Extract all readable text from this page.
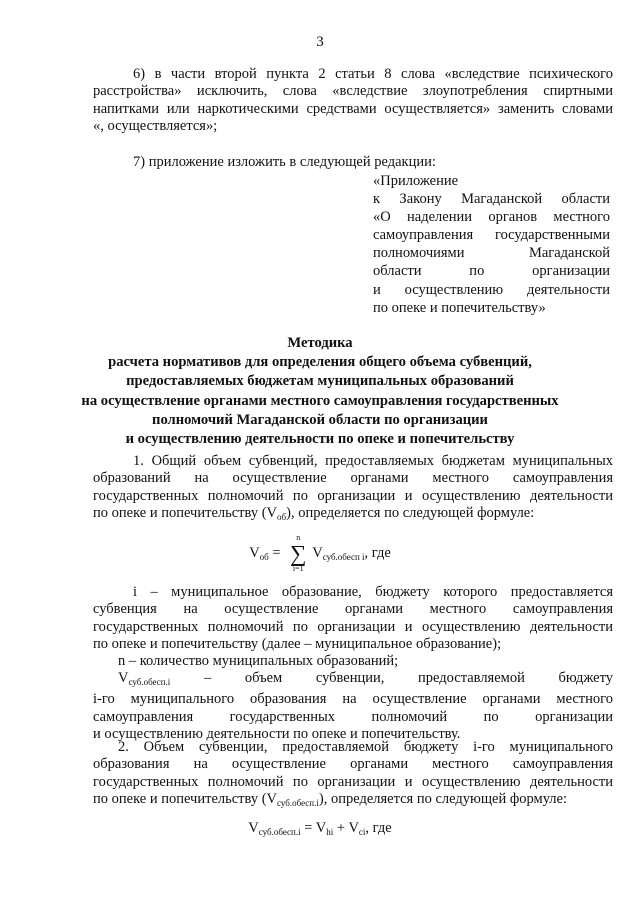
3
6) в части второй пункта 2 статьи 8 слова «вследствие психического
расстройства» исключить, слова «вследствие злоупотребления спиртными
напитками или наркотическими средствами осуществляется» заменить словами
«, осуществляется»;
7) приложение изложить в следующей редакции:
«Приложение
к Закону Магаданской области
«О наделении органов местного
самоуправления государственными
полномочиями Магаданской
области по организации
и осуществлению деятельности
по опеке и попечительству»
Методика
расчета нормативов для определения общего объема субвенций,
предоставляемых бюджетам муниципальных образований
на осуществление органами местного самоуправления государственных
полномочий Магаданской области по организации
и осуществлению деятельности по опеке и попечительству
1. Общий объем субвенций, предоставляемых бюджетам муниципальных
образований на осуществление органами местного самоуправления
государственных полномочий по организации и осуществлению деятельности
по опеке и попечительству $(V_{об})$, определяется по следующей формуле:
$V_{об}$ =
n
∑
i=1
$V_{суб.обесп i}$, где
i – муниципальное образование, бюджету которого предоставляется
субвенция на осуществление органами местного самоуправления
государственных полномочий по организации и осуществлению деятельности
по опеке и попечительству (далее – муниципальное образование);
n – количество муниципальных образований;
$V_{суб.обесп.i}$ – объем субвенции, предоставляемой бюджету
i-го муниципального образования на осуществление органами местного
самоуправления государственных полномочий по организации
и осуществлению деятельности по опеке и попечительству.
2. Объем субвенции, предоставляемой бюджету i-го муниципального
образования на осуществление органами местного самоуправления
государственных полномочий по организации и осуществлению деятельности
по опеке и попечительству $(V_{суб.обесп.i})$, определяется по следующей формуле:
$V_{суб.обесп.i} = V_{hi} + V_{ci}$, где
